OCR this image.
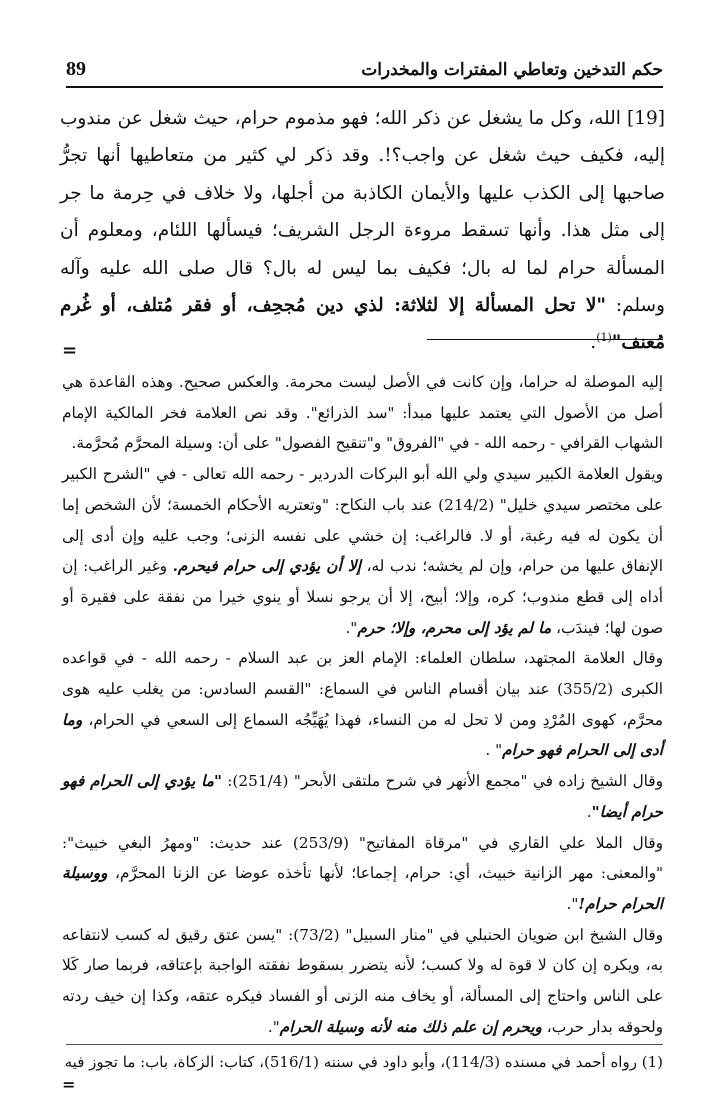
89	حكم التدخين وتعاطي المفترات والمخدرات

[19] الله، وكل ما يشغل عن ذكر الله؛ فهو مذموم حرام، حيث شغل عن مندوب إليه، فكيف حيث شغل عن واجب؟!. وقد ذكر لي كثير من متعاطيها أنها تجرُّ صاحبها إلى الكذب عليها والأيمان الكاذبة من أجلها، ولا خلاف في حِرمة ما جر إلى مثل هذا. وأنها تسقط مروءة الرجل الشريف؛ فيسألها اللئام، ومعلوم أن المسألة حرام لما له بال؛ فكيف بما ليس له بال؟ قال صلى الله عليه وآله وسلم: "لا تحل المسألة إلا لثلاثة: لذي دين مُجحِف، أو فقر مُتلف، أو غُرم مُعنف"$^{(1)}$.

=

إليه الموصلة له حراما، وإن كانت في الأصل ليست محرمة. والعكس صحيح. وهذه القاعدة هي أصل من الأصول التي يعتمد عليها مبدأ: "سد الذرائع". وقد نص العلامة فخر المالكية الإمام الشهاب القرافي - رحمه الله - في "الفروق" و"تنقيح الفصول" على أن: وسيلة المحرَّم مُحرَّمة.

ويقول العلامة الكبير سيدي ولي الله أبو البركات الدردير - رحمه الله تعالى - في "الشرح الكبير على مختصر سيدي خليل" (214/2) عند باب النكاح: "وتعتريه الأحكام الخمسة؛ لأن الشخص إما أن يكون له فيه رغبة، أو لا. فالراغب: إن خشي على نفسه الزنى؛ وجب عليه وإن أدى إلى الإنفاق عليها من حرام، وإن لم يخشه؛ ندب له، إلا أن يؤدي إلى حرام فيحرم. وغير الراغب: إن أداه إلى قطع مندوب؛ كره، وإلا؛ أبيح، إلا أن يرجو نسلا أو ينوي خيرا من نفقة على فقيرة أو صون لها؛ فيندَب، ما لم يؤد إلى محرم، وإلا؛ حرم".

وقال العلامة المجتهد، سلطان العلماء: الإمام العز بن عبد السلام - رحمه الله - في قواعده الكبرى (355/2) عند بيان أقسام الناس في السماع: "القسم السادس: من يغلب عليه هوى محرَّم، كهوى المُرْدِ ومن لا تحل له من النساء، فهذا يُهَيِّجُه السماع إلى السعي في الحرام، وما أدى إلى الحرام فهو حرام" .

وقال الشيخ زاده في "مجمع الأنهر في شرح ملتقى الأبحر" (251/4): "ما يؤدي إلى الحرام فهو حرام أيضا".

وقال الملا علي القاري في "مرقاة المفاتيح" (253/9) عند حديث: "ومهرُ البغي خبيث": "والمعنى: مهر الزانية خبيث، أي: حرام، إجماعا؛ لأنها تأخذه عوضا عن الزنا المحرَّم، ووسيلة الحرام حرام!".

وقال الشيخ ابن ضويان الحنبلي في "منار السبيل" (73/2): "يسن عتق رقيق له كسب لانتفاعه به، ويكره إن كان لا قوة له ولا كسب؛ لأنه يتضرر بسقوط نفقته الواجبة بإعتاقه، فربما صار كَلا على الناس واحتاج إلى المسألة، أو يخاف منه الزنى أو الفساد فيكره عتقه، وكذا إن خيف ردته ولحوقه بدار حرب، ويحرم إن علم ذلك منه لأنه وسيلة الحرام".

(1) رواه أحمد في مسنده (114/3)، وأبو داود في سننه (516/1)، كتاب: الزكاة، باب: ما تجوز فيه
=
